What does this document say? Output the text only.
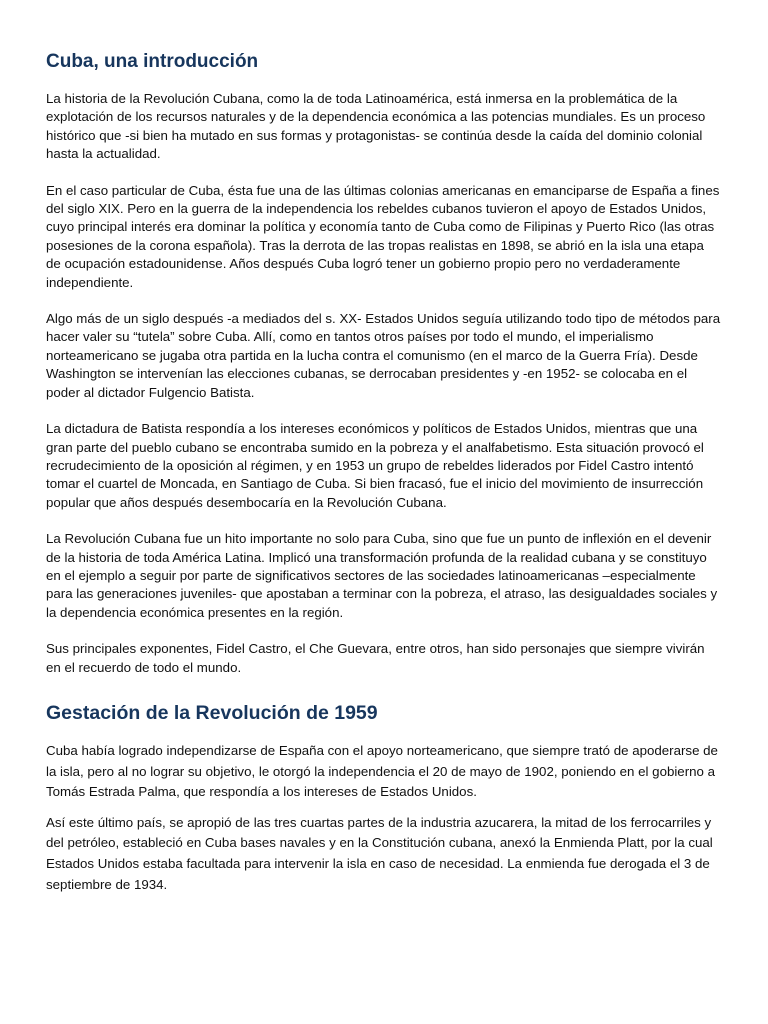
Cuba, una introducción

La historia de la Revolución Cubana, como la de toda Latinoamérica, está inmersa en la problemática de la explotación de los recursos naturales y de la dependencia económica a las potencias mundiales. Es un proceso histórico que -si bien ha mutado en sus formas y protagonistas- se continúa desde la caída del dominio colonial hasta la actualidad.

En el caso particular de Cuba, ésta fue una de las últimas colonias americanas en emanciparse de España a fines del siglo XIX. Pero en la guerra de la independencia los rebeldes cubanos tuvieron el apoyo de Estados Unidos, cuyo principal interés era dominar la política y economía tanto de Cuba como de Filipinas y Puerto Rico (las otras posesiones de la corona española). Tras la derrota de las tropas realistas en 1898, se abrió en la isla una etapa de ocupación estadounidense. Años después Cuba logró tener un gobierno propio pero no verdaderamente independiente.

Algo más de un siglo después -a mediados del s. XX- Estados Unidos seguía utilizando todo tipo de métodos para hacer valer su “tutela” sobre Cuba. Allí, como en tantos otros países por todo el mundo, el imperialismo norteamericano se jugaba otra partida en la lucha contra el comunismo (en el marco de la Guerra Fría). Desde Washington se intervenían las elecciones cubanas, se derrocaban presidentes y -en 1952- se colocaba en el poder al dictador Fulgencio Batista.

La dictadura de Batista respondía a los intereses económicos y políticos de Estados Unidos, mientras que una gran parte del pueblo cubano se encontraba sumido en la pobreza y el analfabetismo. Esta situación provocó el recrudecimiento de la oposición al régimen, y en 1953 un grupo de rebeldes liderados por Fidel Castro intentó tomar el cuartel de Moncada, en Santiago de Cuba. Si bien fracasó, fue el inicio del movimiento de insurrección popular que años después desembocaría en la Revolución Cubana.

La Revolución Cubana fue un hito importante no solo para Cuba, sino que fue un punto de inflexión en el devenir de la historia de toda América Latina. Implicó una transformación profunda de la realidad cubana y se constituyo en el ejemplo a seguir por parte de significativos sectores de las sociedades latinoamericanas –especialmente para las generaciones juveniles- que apostaban a terminar con la pobreza, el atraso, las desigualdades sociales y la dependencia económica presentes en la región.

Sus principales exponentes, Fidel Castro, el Che Guevara, entre otros, han sido personajes que siempre vivirán en el recuerdo de todo el mundo.

Gestación de la Revolución de 1959

Cuba había logrado independizarse de España con el apoyo norteamericano, que siempre trató de apoderarse de la isla, pero al no lograr su objetivo, le otorgó la independencia el 20 de mayo de 1902, poniendo en el gobierno a Tomás Estrada Palma, que respondía a los intereses de Estados Unidos.

Así este último país, se apropió de las tres cuartas partes de la industria azucarera, la mitad de los ferrocarriles y del petróleo, estableció en Cuba bases navales y en la Constitución cubana, anexó la Enmienda Platt, por la cual Estados Unidos estaba facultada para intervenir la isla en caso de necesidad. La enmienda fue derogada el 3 de septiembre de 1934.
